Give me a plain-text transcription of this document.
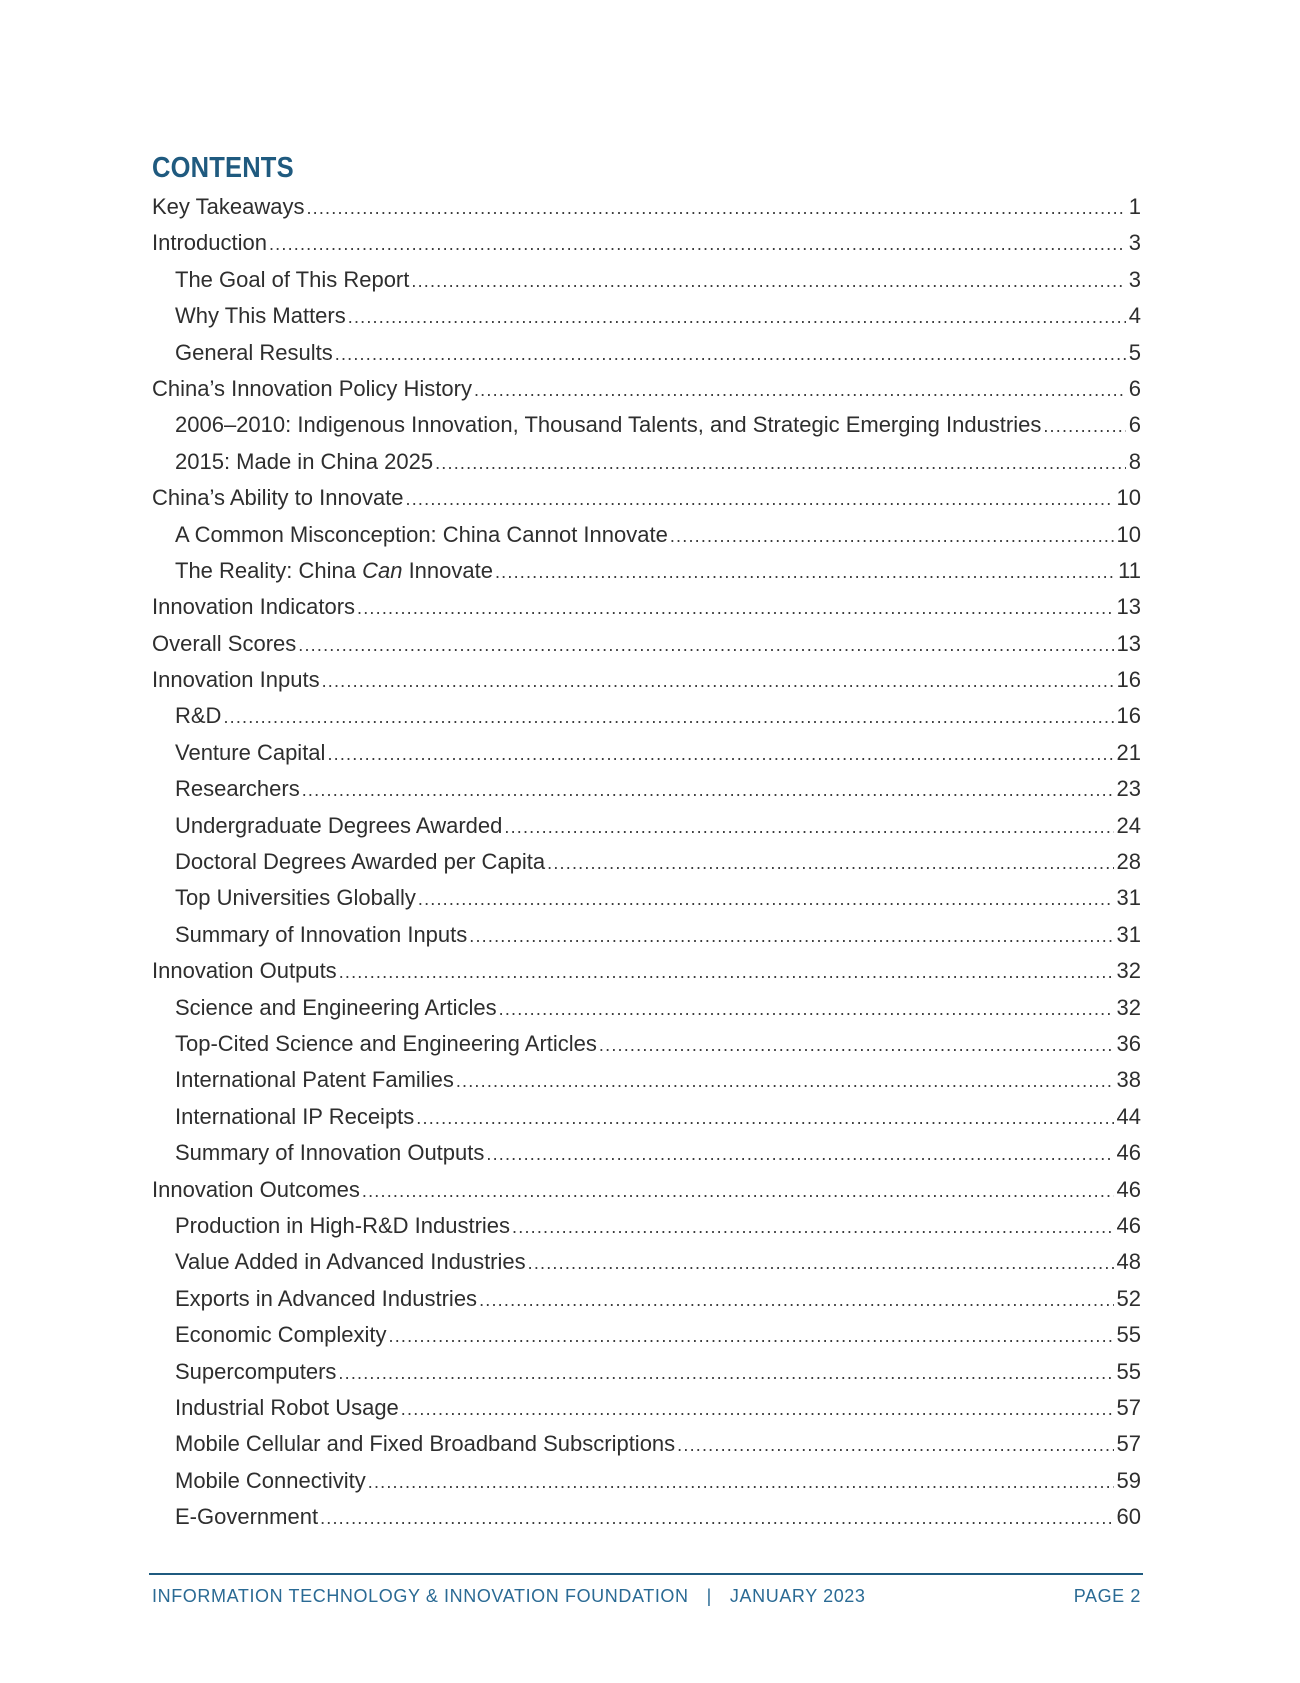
CONTENTS
Key Takeaways .....	1
Introduction .....	3
The Goal of This Report .....	3
Why This Matters .....	4
General Results .....	5
China’s Innovation Policy History .....	6
2006–2010: Indigenous Innovation, Thousand Talents, and Strategic Emerging Industries .....	6
2015: Made in China 2025 .....	8
China’s Ability to Innovate .....	10
A Common Misconception: China Cannot Innovate .....	10
The Reality: China Can Innovate .....	11
Innovation Indicators .....	13
Overall Scores .....	13
Innovation Inputs .....	16
R&D .....	16
Venture Capital .....	21
Researchers .....	23
Undergraduate Degrees Awarded .....	24
Doctoral Degrees Awarded per Capita .....	28
Top Universities Globally .....	31
Summary of Innovation Inputs .....	31
Innovation Outputs .....	32
Science and Engineering Articles .....	32
Top-Cited Science and Engineering Articles .....	36
International Patent Families .....	38
International IP Receipts .....	44
Summary of Innovation Outputs .....	46
Innovation Outcomes .....	46
Production in High-R&D Industries .....	46
Value Added in Advanced Industries .....	48
Exports in Advanced Industries .....	52
Economic Complexity .....	55
Supercomputers .....	55
Industrial Robot Usage .....	57
Mobile Cellular and Fixed Broadband Subscriptions .....	57
Mobile Connectivity .....	59
E-Government .....	60
INFORMATION TECHNOLOGY & INNOVATION FOUNDATION | JANUARY 2023	PAGE 2
